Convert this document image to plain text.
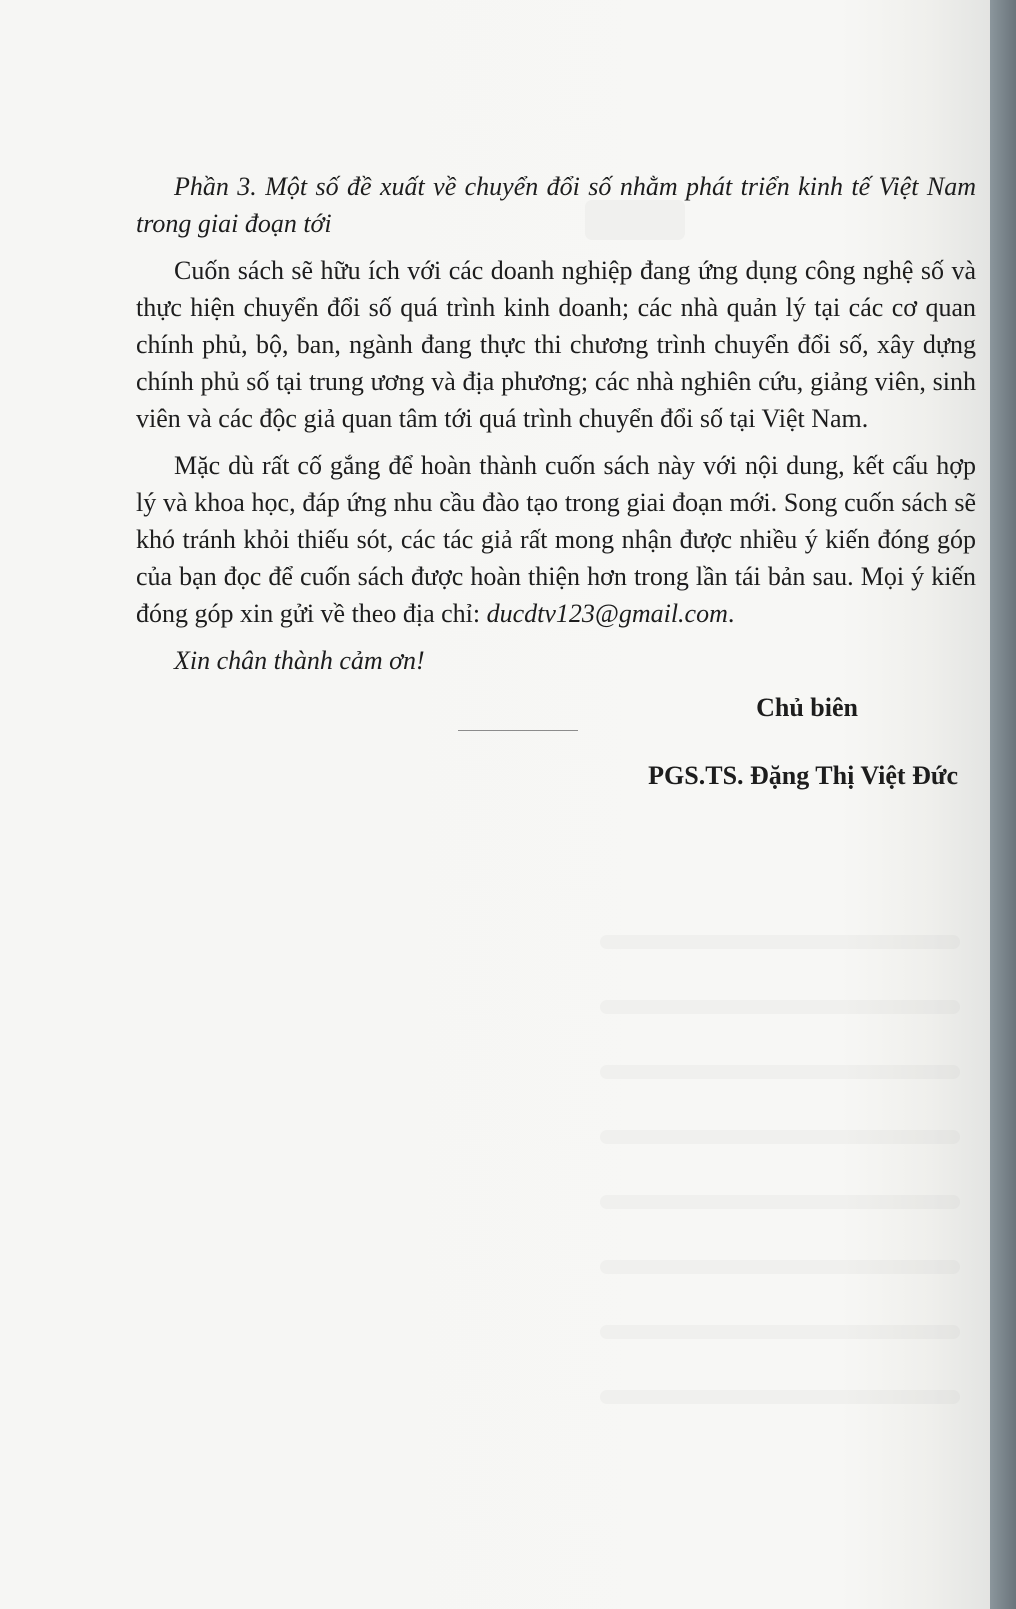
Phần 3. Một số đề xuất về chuyển đổi số nhằm phát triển kinh tế Việt Nam trong giai đoạn tới

Cuốn sách sẽ hữu ích với các doanh nghiệp đang ứng dụng công nghệ số và thực hiện chuyển đổi số quá trình kinh doanh; các nhà quản lý tại các cơ quan chính phủ, bộ, ban, ngành đang thực thi chương trình chuyển đổi số, xây dựng chính phủ số tại trung ương và địa phương; các nhà nghiên cứu, giảng viên, sinh viên và các độc giả quan tâm tới quá trình chuyển đổi số tại Việt Nam.

Mặc dù rất cố gắng để hoàn thành cuốn sách này với nội dung, kết cấu hợp lý và khoa học, đáp ứng nhu cầu đào tạo trong giai đoạn mới. Song cuốn sách sẽ khó tránh khỏi thiếu sót, các tác giả rất mong nhận được nhiều ý kiến đóng góp của bạn đọc để cuốn sách được hoàn thiện hơn trong lần tái bản sau. Mọi ý kiến đóng góp xin gửi về theo địa chỉ: ducdtv123@gmail.com.

Xin chân thành cảm ơn!

Chủ biên
PGS.TS. Đặng Thị Việt Đức
